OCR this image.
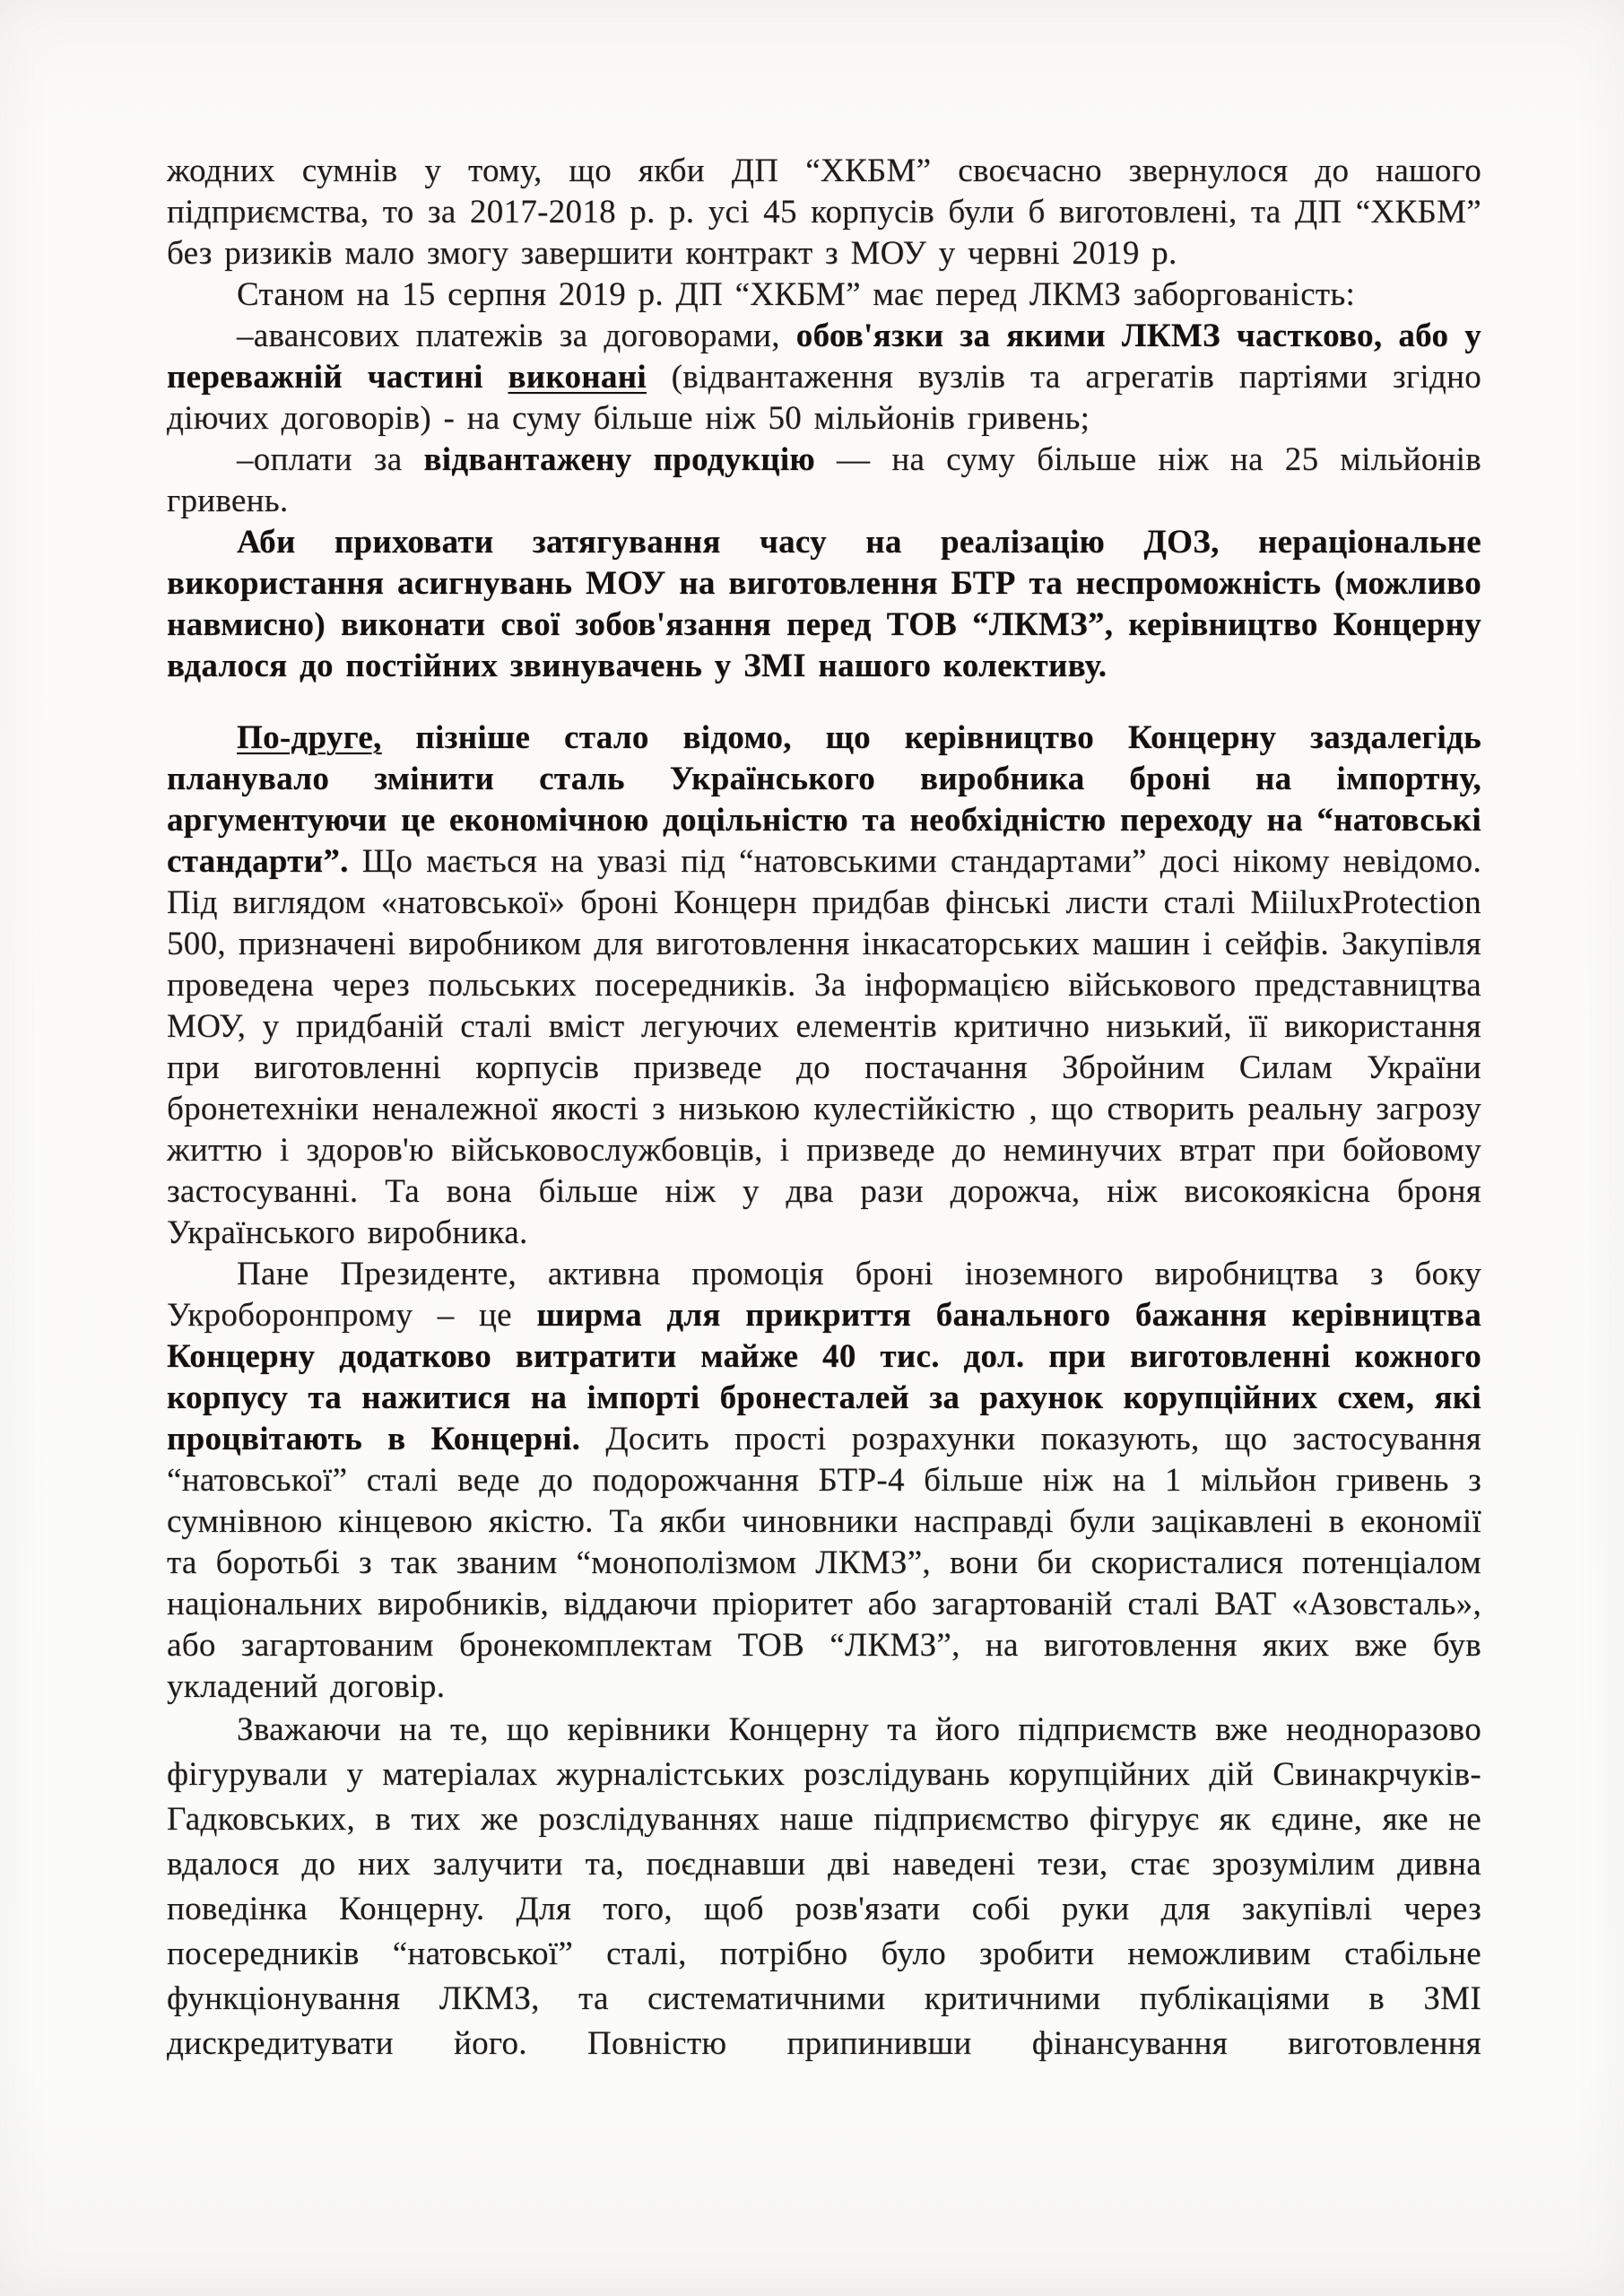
жодних сумнів у тому, що якби ДП “ХКБМ” своєчасно звернулося до нашого підприємства, то за 2017-2018 р. р. усі 45 корпусів були б виготовлені, та ДП “ХКБМ” без ризиків мало змогу завершити контракт з МОУ у червні 2019 р.

Станом на 15 серпня 2019 р. ДП “ХКБМ” має перед ЛКМЗ заборгованість:

–авансових платежів за договорами, обов'язки за якими ЛКМЗ частково, або у переважній частині виконані (відвантаження вузлів та агрегатів партіями згідно діючих договорів) - на суму більше ніж 50 мільйонів гривень;

–оплати за відвантажену продукцію — на суму більше ніж на 25 мільйонів гривень.

Аби приховати затягування часу на реалізацію ДОЗ, нераціональне використання асигнувань МОУ на виготовлення БТР та неспроможність (можливо навмисно) виконати свої зобов'язання перед ТОВ “ЛКМЗ”, керівництво Концерну вдалося до постійних звинувачень у ЗМІ нашого колективу.

По-друге, пізніше стало відомо, що керівництво Концерну заздалегідь планувало змінити сталь Українського виробника броні на імпортну, аргументуючи це економічною доцільністю та необхідністю переходу на “натовські стандарти”. Що мається на увазі під “натовськими стандартами” досі нікому невідомо. Під виглядом «натовської» броні Концерн придбав фінські листи сталі MiiluxProtection 500, призначені виробником для виготовлення інкасаторських машин і сейфів. Закупівля проведена через польських посередників. За інформацією військового представництва МОУ, у придбаній сталі вміст легуючих елементів критично низький, її використання при виготовленні корпусів призведе до постачання Збройним Силам України бронетехніки неналежної якості з низькою кулестійкістю , що створить реальну загрозу життю і здоров'ю військовослужбовців, і призведе до неминучих втрат при бойовому застосуванні. Та вона більше ніж у два рази дорожча, ніж високоякісна броня Українського виробника.

Пане Президенте, активна промоція броні іноземного виробництва з боку Укроборонпрому – це ширма для прикриття банального бажання керівництва Концерну додатково витратити майже 40 тис. дол. при виготовленні кожного корпусу та нажитися на імпорті бронесталей за рахунок корупційних схем, які процвітають в Концерні. Досить прості розрахунки показують, що застосування “натовської” сталі веде до подорожчання БТР-4 більше ніж на 1 мільйон гривень з сумнівною кінцевою якістю. Та якби чиновники насправді були зацікавлені в економії та боротьбі з так званим “монополізмом ЛКМЗ”, вони би скористалися потенціалом національних виробників, віддаючи пріоритет або загартованій сталі ВАТ «Азовсталь», або загартованим бронекомплектам ТОВ “ЛКМЗ”, на виготовлення яких вже був укладений договір.

Зважаючи на те, що керівники Концерну та його підприємств вже неодноразово фігурували у матеріалах журналістських розслідувань корупційних дій Свинакрчуків-Гадковських, в тих же розслідуваннях наше підприємство фігурує як єдине, яке не вдалося до них залучити та, поєднавши дві наведені тези, стає зрозумілим дивна поведінка Концерну. Для того, щоб розв'язати собі руки для закупівлі через посередників “натовської” сталі, потрібно було зробити неможливим стабільне функціонування ЛКМЗ, та систематичними критичними публікаціями в ЗМІ дискредитувати його. Повністю припинивши фінансування виготовлення
